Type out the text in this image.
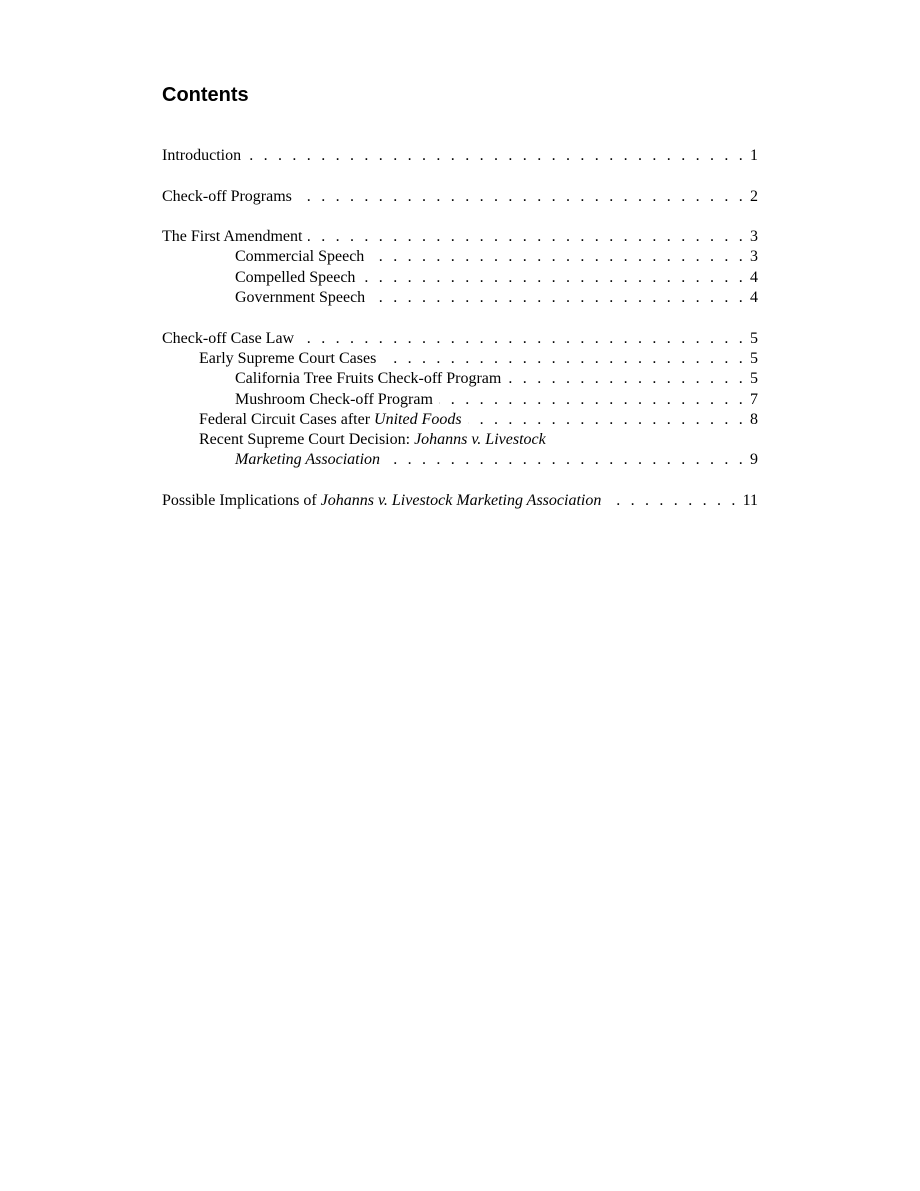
Contents
Introduction . . .	1
Check-off Programs . . .	2
The First Amendment . . .	3
Commercial Speech . . .	3
Compelled Speech . . .	4
Government Speech . . .	4
Check-off Case Law . . .	5
Early Supreme Court Cases . . .	5
California Tree Fruits Check-off Program . . .	5
Mushroom Check-off Program . . .	7
Federal Circuit Cases after United Foods . . .	8
Recent Supreme Court Decision: Johanns v. Livestock
Marketing Association . . .	9
Possible Implications of Johanns v. Livestock Marketing Association . . .	11
